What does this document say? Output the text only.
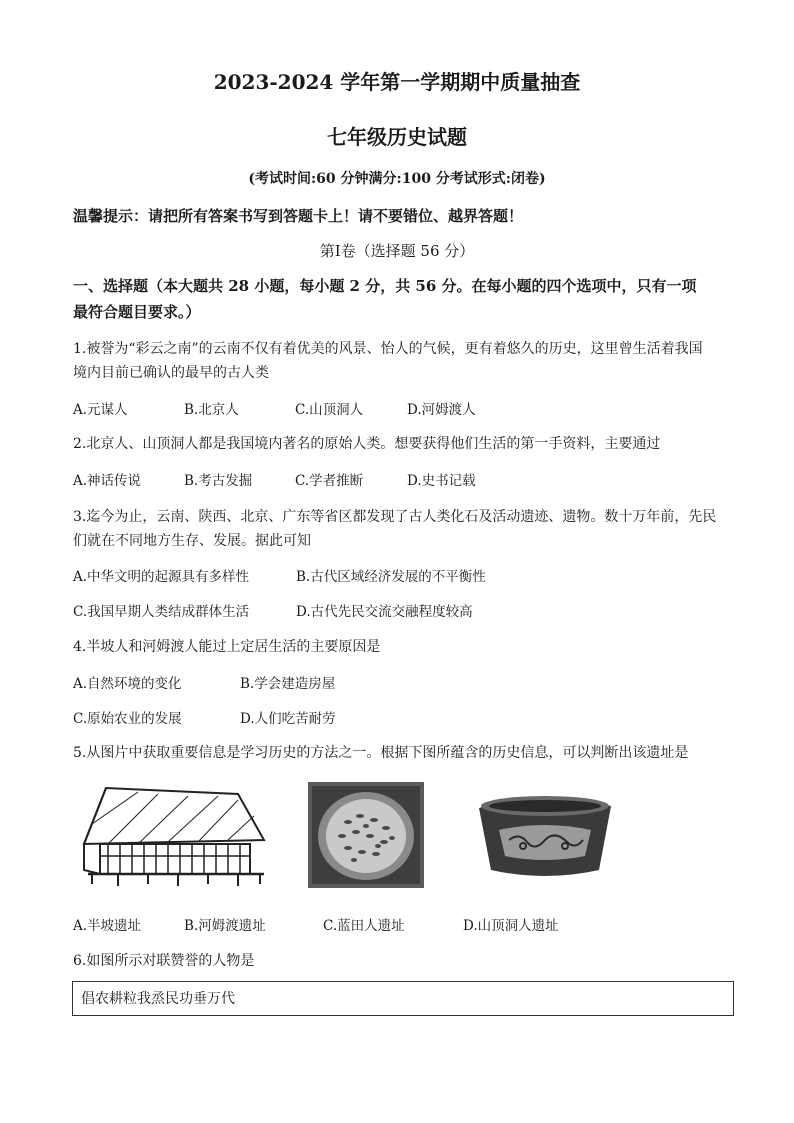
2023-2024 学年第一学期期中质量抽查
七年级历史试题
(考试时间:60 分钟满分:100 分考试形式:闭卷)
温馨提示：请把所有答案书写到答题卡上！请不要错位、越界答题！
第Ⅰ卷（选择题 56 分）
一、选择题（本大题共 28 小题，每小题 2 分，共 56 分。在每小题的四个选项中，只有一项
最符合题目要求。）
1.被誉为“彩云之南”的云南不仅有着优美的风景、怡人的气候，更有着悠久的历史，这里曾生活着我国
境内目前已确认的最早的古人类
A.元谋人	B.北京人	C.山顶洞人	D.河姆渡人
2.北京人、山顶洞人都是我国境内著名的原始人类。想要获得他们生活的第一手资料，主要通过
A.神话传说	B.考古发掘	C.学者推断	D.史书记载
3.迄今为止，云南、陕西、北京、广东等省区都发现了古人类化石及活动遗迹、遗物。数十万年前，先民
们就在不同地方生存、发展。据此可知
A.中华文明的起源具有多样性	B.古代区域经济发展的不平衡性
C.我国早期人类结成群体生活	D.古代先民交流交融程度较高
4.半坡人和河姆渡人能过上定居生活的主要原因是
A.自然环境的变化	B.学会建造房屋
C.原始农业的发展	D.人们吃苦耐劳
5.从图片中获取重要信息是学习历史的方法之一。根据下图所蕴含的历史信息，可以判断出该遗址是
A.半坡遗址	B.河姆渡遗址	C.蓝田人遗址	D.山顶洞人遗址
6.如图所示对联赞誉的人物是
倡农耕粒我烝民功垂万代
